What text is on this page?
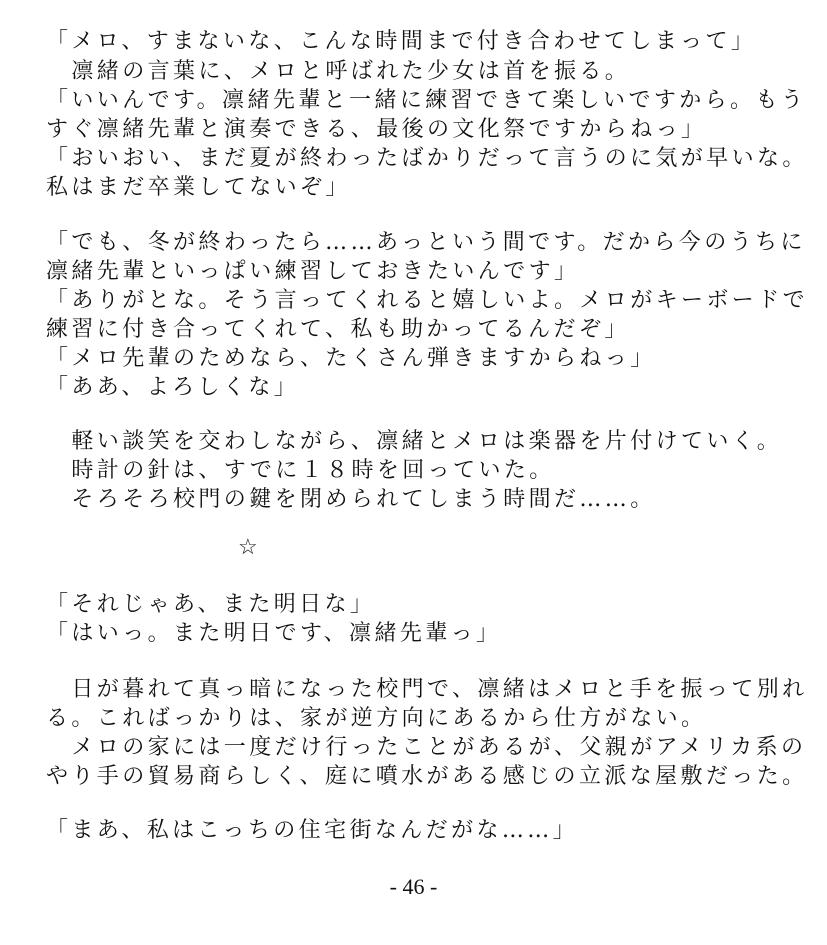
「メロ、すまないな、こんな時間まで付き合わせてしまって」
　凛緒の言葉に、メロと呼ばれた少女は首を振る。
「いいんです。凛緒先輩と一緒に練習できて楽しいですから。もう
すぐ凛緒先輩と演奏できる、最後の文化祭ですからねっ」
「おいおい、まだ夏が終わったばかりだって言うのに気が早いな。
私はまだ卒業してないぞ」
「でも、冬が終わったら……あっという間です。だから今のうちに
凛緒先輩といっぱい練習しておきたいんです」
「ありがとな。そう言ってくれると嬉しいよ。メロがキーボードで
練習に付き合ってくれて、私も助かってるんだぞ」
「メロ先輩のためなら、たくさん弾きますからねっ」
「ああ、よろしくな」
　軽い談笑を交わしながら、凛緒とメロは楽器を片付けていく。
　時計の針は、すでに１８時を回っていた。
　そろそろ校門の鍵を閉められてしまう時間だ……。
☆
「それじゃあ、また明日な」
「はいっ。また明日です、凛緒先輩っ」
　日が暮れて真っ暗になった校門で、凛緒はメロと手を振って別れ
る。こればっかりは、家が逆方向にあるから仕方がない。
　メロの家には一度だけ行ったことがあるが、父親がアメリカ系の
やり手の貿易商らしく、庭に噴水がある感じの立派な屋敷だった。
「まあ、私はこっちの住宅街なんだがな……」
- 46 -
